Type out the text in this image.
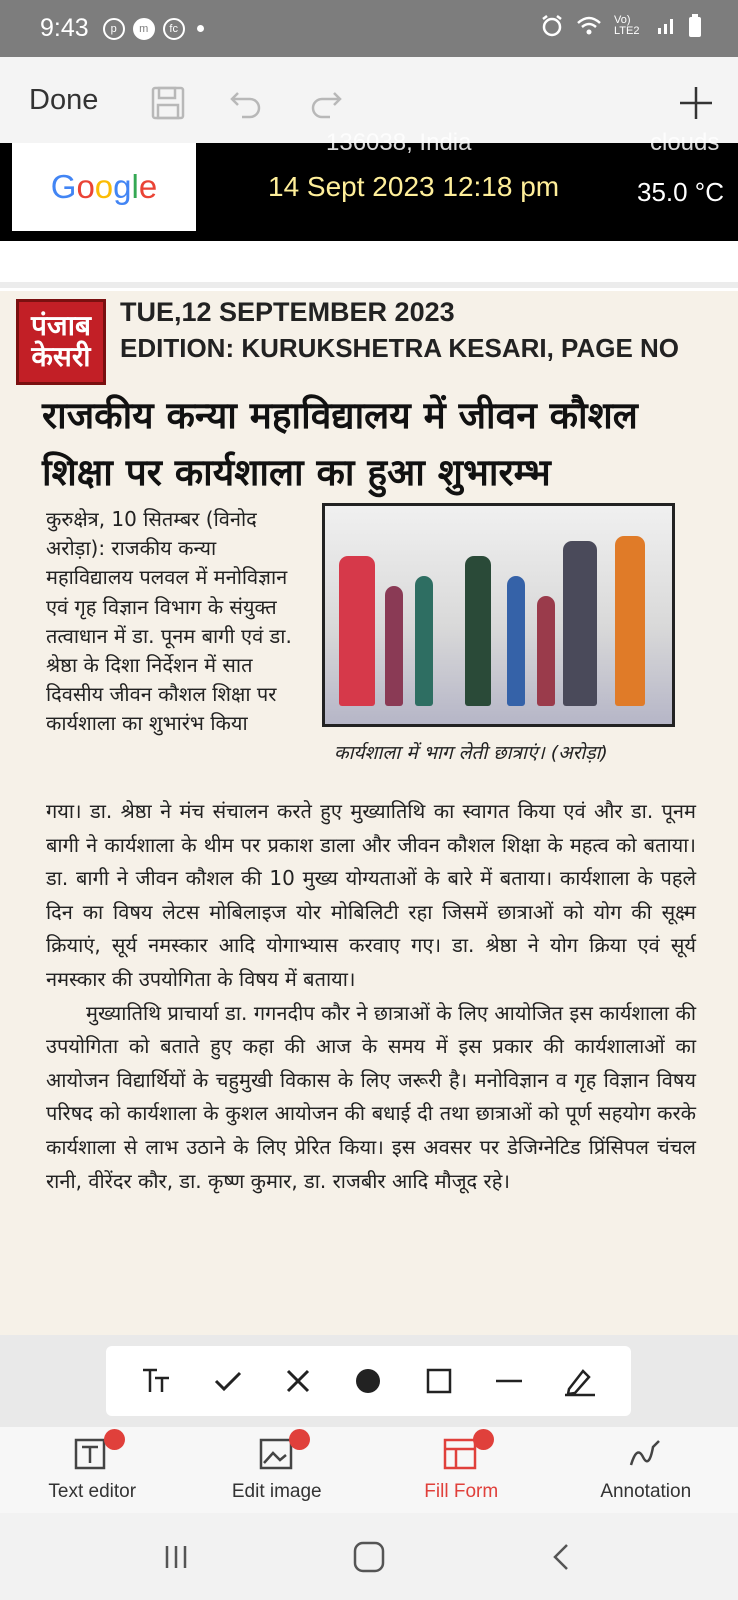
9:43	p	m	fc
Vo) LTE2
Done
136038, India	clouds
G o o g l e	14 Sept 2023 12:18 pm	35.0 °C
पंजाब
केसरी
TUE,12 SEPTEMBER 2023
EDITION: KURUKSHETRA KESARI, PAGE NO
राजकीय कन्या महाविद्यालय में जीवन कौशल
शिक्षा पर कार्यशाला का हुआ शुभारम्भ
कुरुक्षेत्र, 10 सितम्बर (विनोद अरोड़ा): राजकीय कन्या महाविद्यालय पलवल में मनोविज्ञान एवं गृह विज्ञान विभाग के संयुक्त तत्वाधान में डा. पूनम बागी एवं डा. श्रेष्ठा के दिशा निर्देशन में सात दिवसीय जीवन कौशल शिक्षा पर कार्यशाला का शुभारंभ किया
कार्यशाला में भाग लेती छात्राएं। (अरोड़ा)

गया। डा. श्रेष्ठा ने मंच संचालन करते हुए मुख्यातिथि का स्वागत किया एवं और डा. पूनम बागी ने कार्यशाला के थीम पर प्रकाश डाला और जीवन कौशल शिक्षा के महत्व को बताया। डा. बागी ने जीवन कौशल की 10 मुख्य योग्यताओं के बारे में बताया। कार्यशाला के पहले दिन का विषय लेटस मोबिलाइज योर मोबिलिटी रहा जिसमें छात्राओं को योग की सूक्ष्म क्रियाएं, सूर्य नमस्कार आदि योगाभ्यास करवाए गए। डा. श्रेष्ठा ने योग क्रिया एवं सूर्य नमस्कार की उपयोगिता के विषय में बताया।

मुख्यातिथि प्राचार्या डा. गगनदीप कौर ने छात्राओं के लिए आयोजित इस कार्यशाला की उपयोगिता को बताते हुए कहा की आज के समय में इस प्रकार की कार्यशालाओं का आयोजन विद्यार्थियों के चहुमुखी विकास के लिए जरूरी है। मनोविज्ञान व गृह विज्ञान विषय परिषद को कार्यशाला के कुशल आयोजन की बधाई दी तथा छात्राओं को पूर्ण सहयोग करके कार्यशाला से लाभ उठाने के लिए प्रेरित किया। इस अवसर पर डेजिग्नेटिड प्रिंसिपल चंचल रानी, वीरेंदर कौर, डा. कृष्ण कुमार, डा. राजबीर आदि मौजूद रहे।

Text editor	Edit image	Fill Form	Annotation
